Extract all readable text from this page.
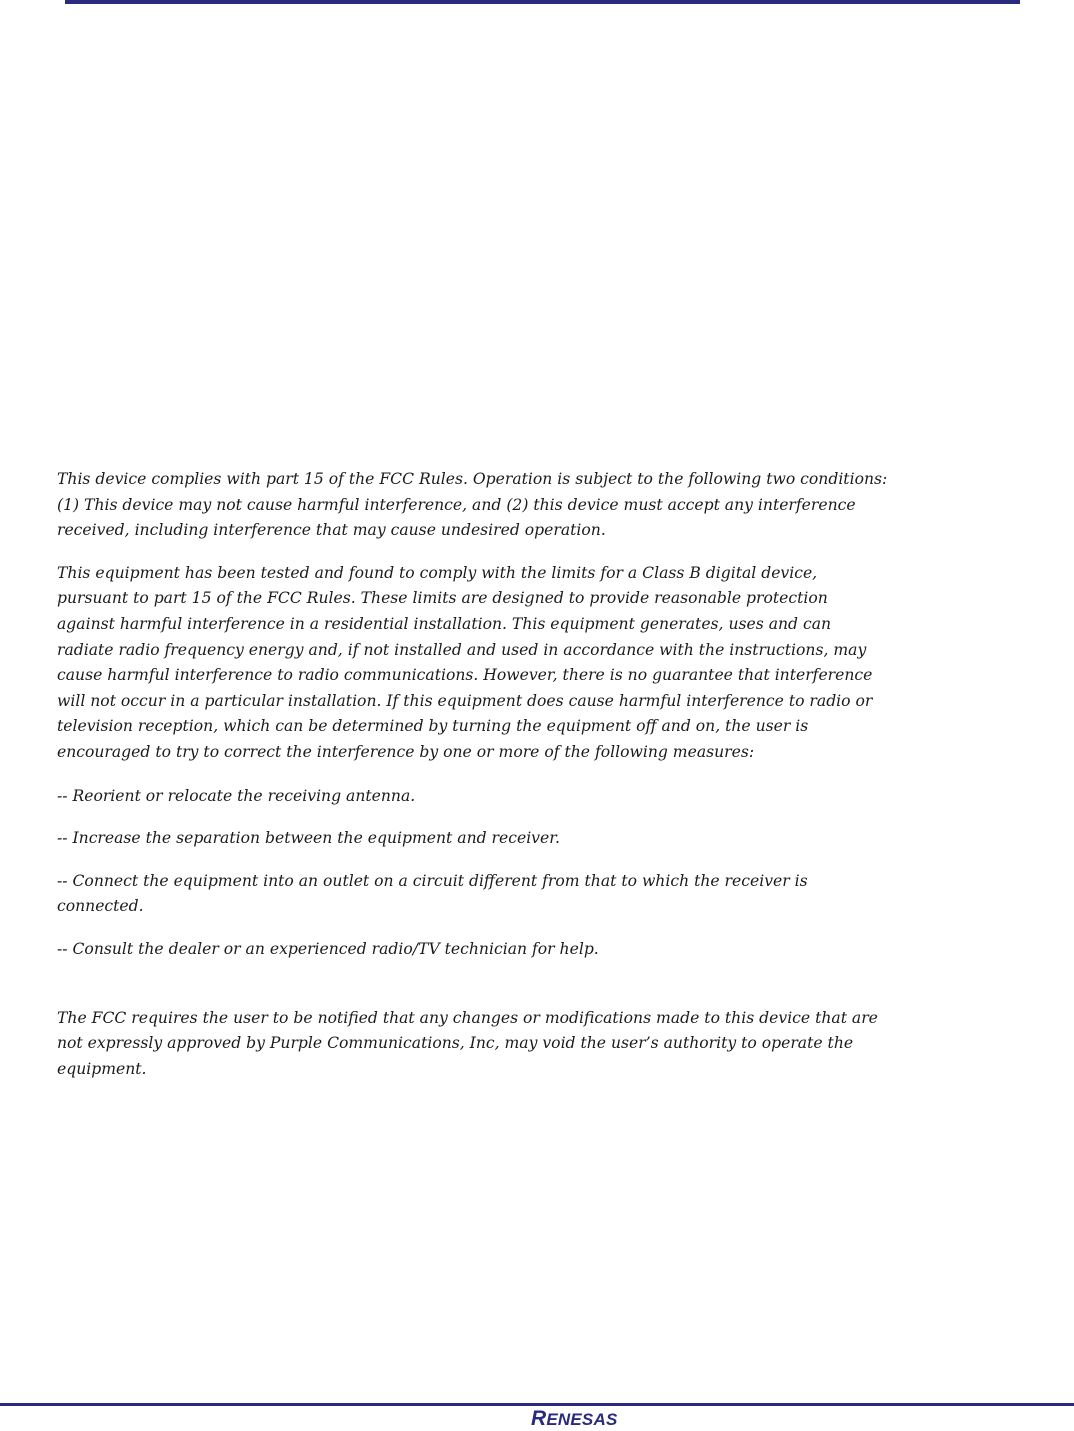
This device complies with part 15 of the FCC Rules. Operation is subject to the following two conditions:
(1) This device may not cause harmful interference, and (2) this device must accept any interference
received, including interference that may cause undesired operation.

This equipment has been tested and found to comply with the limits for a Class B digital device,
pursuant to part 15 of the FCC Rules. These limits are designed to provide reasonable protection
against harmful interference in a residential installation. This equipment generates, uses and can
radiate radio frequency energy and, if not installed and used in accordance with the instructions, may
cause harmful interference to radio communications. However, there is no guarantee that interference
will not occur in a particular installation. If this equipment does cause harmful interference to radio or
television reception, which can be determined by turning the equipment off and on, the user is
encouraged to try to correct the interference by one or more of the following measures:

-- Reorient or relocate the receiving antenna.

-- Increase the separation between the equipment and receiver.

-- Connect the equipment into an outlet on a circuit different from that to which the receiver is
connected.

-- Consult the dealer or an experienced radio/TV technician for help.

The FCC requires the user to be notified that any changes or modifications made to this device that are
not expressly approved by Purple Communications, Inc, may void the user’s authority to operate the
equipment.

RENESAS
